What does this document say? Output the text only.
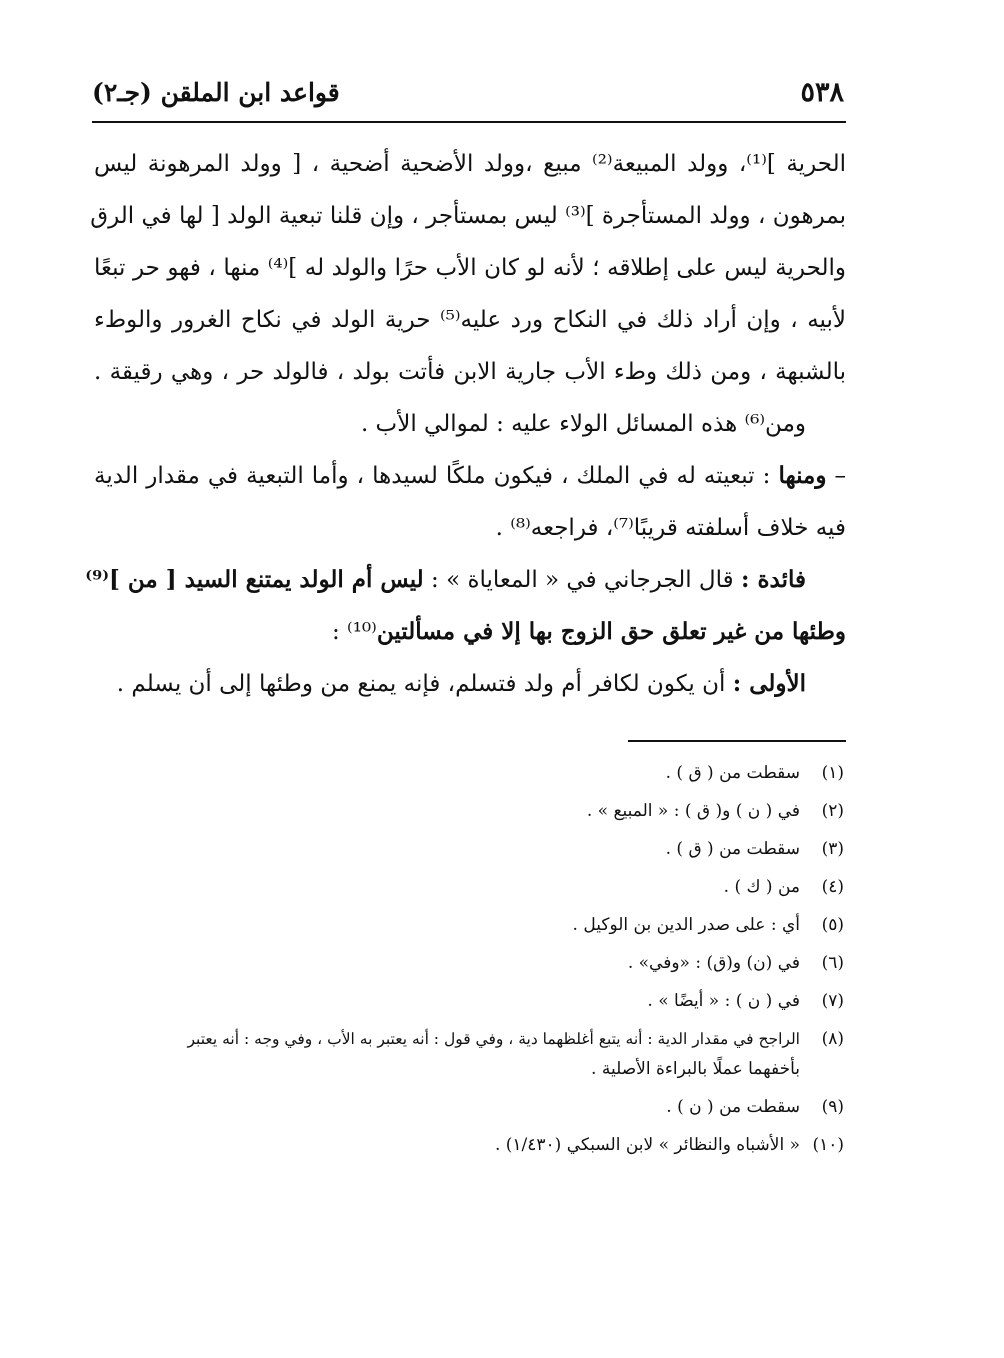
٥٣٨
قواعد ابن الملقن (جـ٢)
الحرية ]⁽¹⁾، وولد المبيعة⁽²⁾ مبيع ،وولد الأضحية أضحية ، [ وولد المرهونة ليس
بمرهون ، وولد المستأجرة ]⁽³⁾ ليس بمستأجر ، وإن قلنا تبعية الولد [ لها في الرق
والحرية ليس على إطلاقه ؛ لأنه لو كان الأب حرًا والولد له ]⁽⁴⁾ منها ، فهو حر تبعًا
لأبيه ، وإن أراد ذلك في النكاح ورد عليه⁽⁵⁾ حرية الولد في نكاح الغرور والوطء
بالشبهة ، ومن ذلك وطء الأب جارية الابن فأتت بولد ، فالولد حر ، وهي رقيقة .
ومن⁽⁶⁾ هذه المسائل الولاء عليه : لموالي الأب .
– ومنها : تبعيته له في الملك ، فيكون ملكًا لسيدها ، وأما التبعية في مقدار الدية
فيه خلاف أسلفته قريبًا⁽⁷⁾، فراجعه⁽⁸⁾ .
فائدة : قال الجرجاني في « المعاياة » : ليس أم الولد يمتنع السيد [ من ]⁽⁹⁾
وطئها من غير تعلق حق الزوج بها إلا في مسألتين⁽¹⁰⁾ :
الأولى : أن يكون لكافر أم ولد فتسلم، فإنه يمنع من وطئها إلى أن يسلم .
(١)
سقطت من ( ق ) .
(٢)
في ( ن ) و( ق ) : « المبيع » .
(٣)
سقطت من ( ق ) .
(٤)
من ( ك ) .
(٥)
أي : على صدر الدين بن الوكيل .
(٦)
في (ن) و(ق) : «وفي» .
(٧)
في ( ن ) : « أيضًا » .
(٨)
الراجح في مقدار الدية : أنه يتبع أغلظهما دية ، وفي قول : أنه يعتبر به الأب ، وفي وجه : أنه يعتبر
بأخفهما عملًا بالبراءة الأصلية .
(٩)
سقطت من ( ن ) .
(١٠)
« الأشباه والنظائر » لابن السبكي (١/٤٣٠) .
